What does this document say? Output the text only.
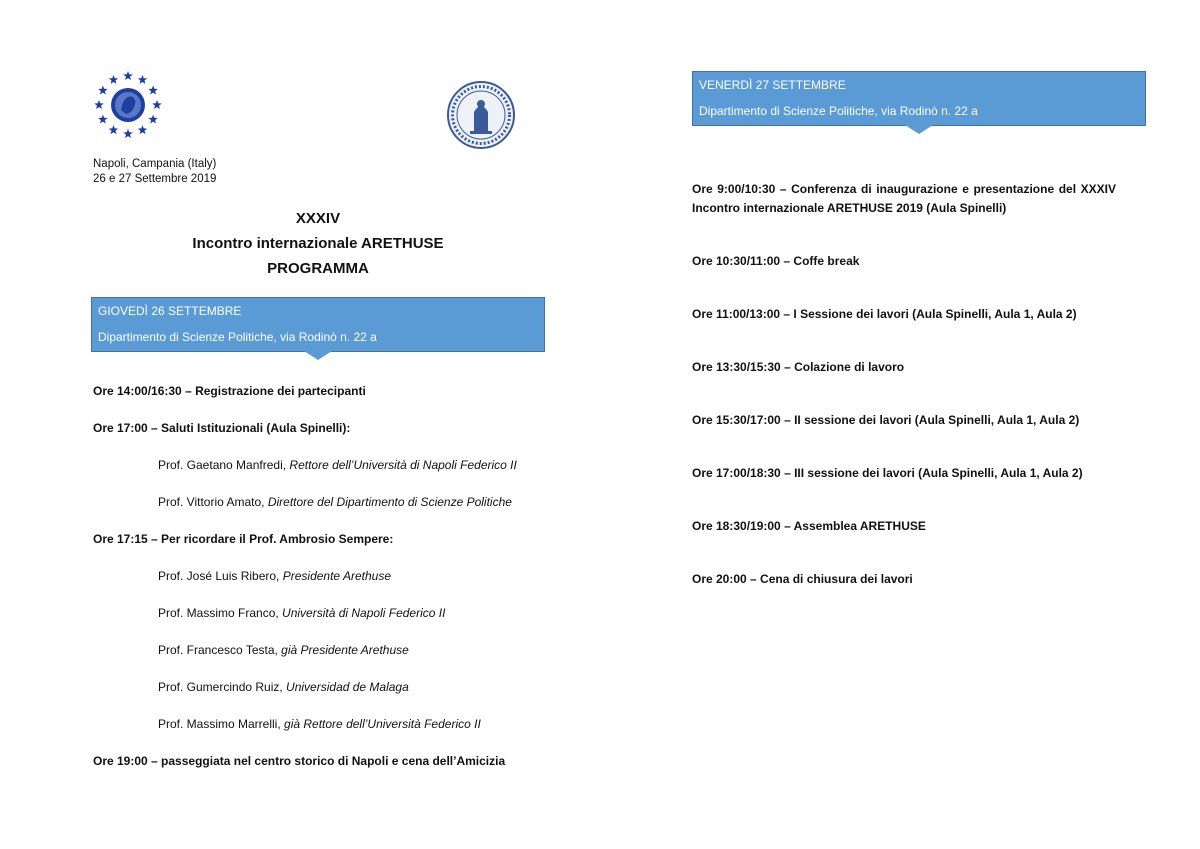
Napoli, Campania (Italy)
26 e 27 Settembre 2019
XXXIV
Incontro internazionale ARETHUSE
PROGRAMMA
GIOVEDÌ 26 SETTEMBRE
Dipartimento di Scienze Politiche, via Rodinò n. 22 a
Ore 14:00/16:30 – Registrazione dei partecipanti
Ore 17:00 – Saluti Istituzionali (Aula Spinelli):
Prof. Gaetano Manfredi, Rettore dell’Università di Napoli Federico II
Prof. Vittorio Amato, Direttore del Dipartimento di Scienze Politiche
Ore 17:15 – Per ricordare il Prof. Ambrosio Sempere:
Prof. José Luis Ribero, Presidente Arethuse
Prof. Massimo Franco, Università di Napoli Federico II
Prof. Francesco Testa, già Presidente Arethuse
Prof. Gumercindo Ruiz, Universidad de Malaga
Prof. Massimo Marrelli, già Rettore dell’Università Federico II
Ore 19:00 – passeggiata nel centro storico di Napoli e cena dell’Amicizia
VENERDÌ 27 SETTEMBRE
Dipartimento di Scienze Politiche, via Rodinò n. 22 a
Ore 9:00/10:30 – Conferenza di inaugurazione e presentazione del XXXIV Incontro internazionale ARETHUSE 2019 (Aula Spinelli)
Ore 10:30/11:00 – Coffe break
Ore 11:00/13:00 – I Sessione dei lavori (Aula Spinelli, Aula 1, Aula 2)
Ore 13:30/15:30 – Colazione di lavoro
Ore 15:30/17:00 – II sessione dei lavori (Aula Spinelli, Aula 1, Aula 2)
Ore 17:00/18:30 – III sessione dei lavori (Aula Spinelli, Aula 1, Aula 2)
Ore 18:30/19:00 – Assemblea ARETHUSE
Ore 20:00 – Cena di chiusura dei lavori
